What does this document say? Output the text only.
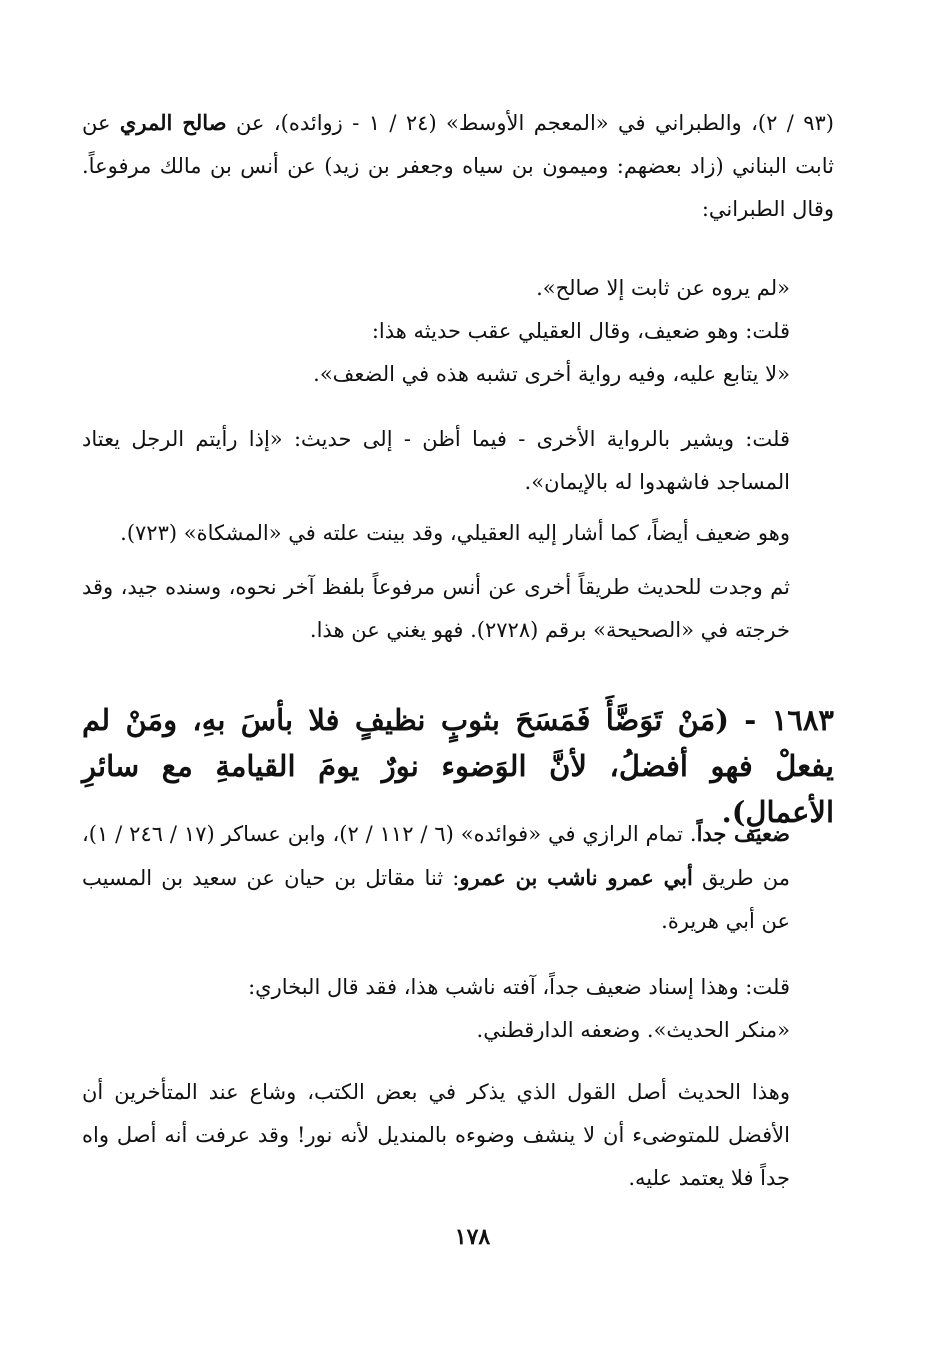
(٩٣ / ٢)، والطبراني في «المعجم الأوسط» (٢٤ / ١ - زوائده)، عن صالح المري عن ثابت البناني (زاد بعضهم: وميمون بن سياه وجعفر بن زيد) عن أنس بن مالك مرفوعاً. وقال الطبراني:

«لم يروه عن ثابت إلا صالح».

قلت: وهو ضعيف، وقال العقيلي عقب حديثه هذا:

«لا يتابع عليه، وفيه رواية أخرى تشبه هذه في الضعف».

قلت: ويشير بالرواية الأخرى - فيما أظن - إلى حديث: «إذا رأيتم الرجل يعتاد المساجد فاشهدوا له بالإيمان».

وهو ضعيف أيضاً، كما أشار إليه العقيلي، وقد بينت علته في «المشكاة» (٧٢٣).

ثم وجدت للحديث طريقاً أخرى عن أنس مرفوعاً بلفظ آخر نحوه، وسنده جيد، وقد خرجته في «الصحيحة» برقم (٢٧٢٨). فهو يغني عن هذا.

١٦٨٣ - (مَنْ تَوَضَّأَ فَمَسَحَ بثوبٍ نظيفٍ فلا بأسَ بهِ، ومَنْ لم يفعلْ فهو أفضلُ، لأنَّ الوَضوء نورٌ يومَ القيامةِ مع سائرِ الأعمالِ).

ضعيف جداً. تمام الرازي في «فوائده» (٦ / ١١٢ / ٢)، وابن عساكر (١٧ / ٢٤٦ / ١)، من طريق أبي عمرو ناشب بن عمرو: ثنا مقاتل بن حيان عن سعيد بن المسيب عن أبي هريرة.

قلت: وهذا إسناد ضعيف جداً، آفته ناشب هذا، فقد قال البخاري:

«منكر الحديث». وضعفه الدارقطني.

وهذا الحديث أصل القول الذي يذكر في بعض الكتب، وشاع عند المتأخرين أن الأفضل للمتوضىء أن لا ينشف وضوءه بالمنديل لأنه نور! وقد عرفت أنه أصل واه جداً فلا يعتمد عليه.

١٧٨
